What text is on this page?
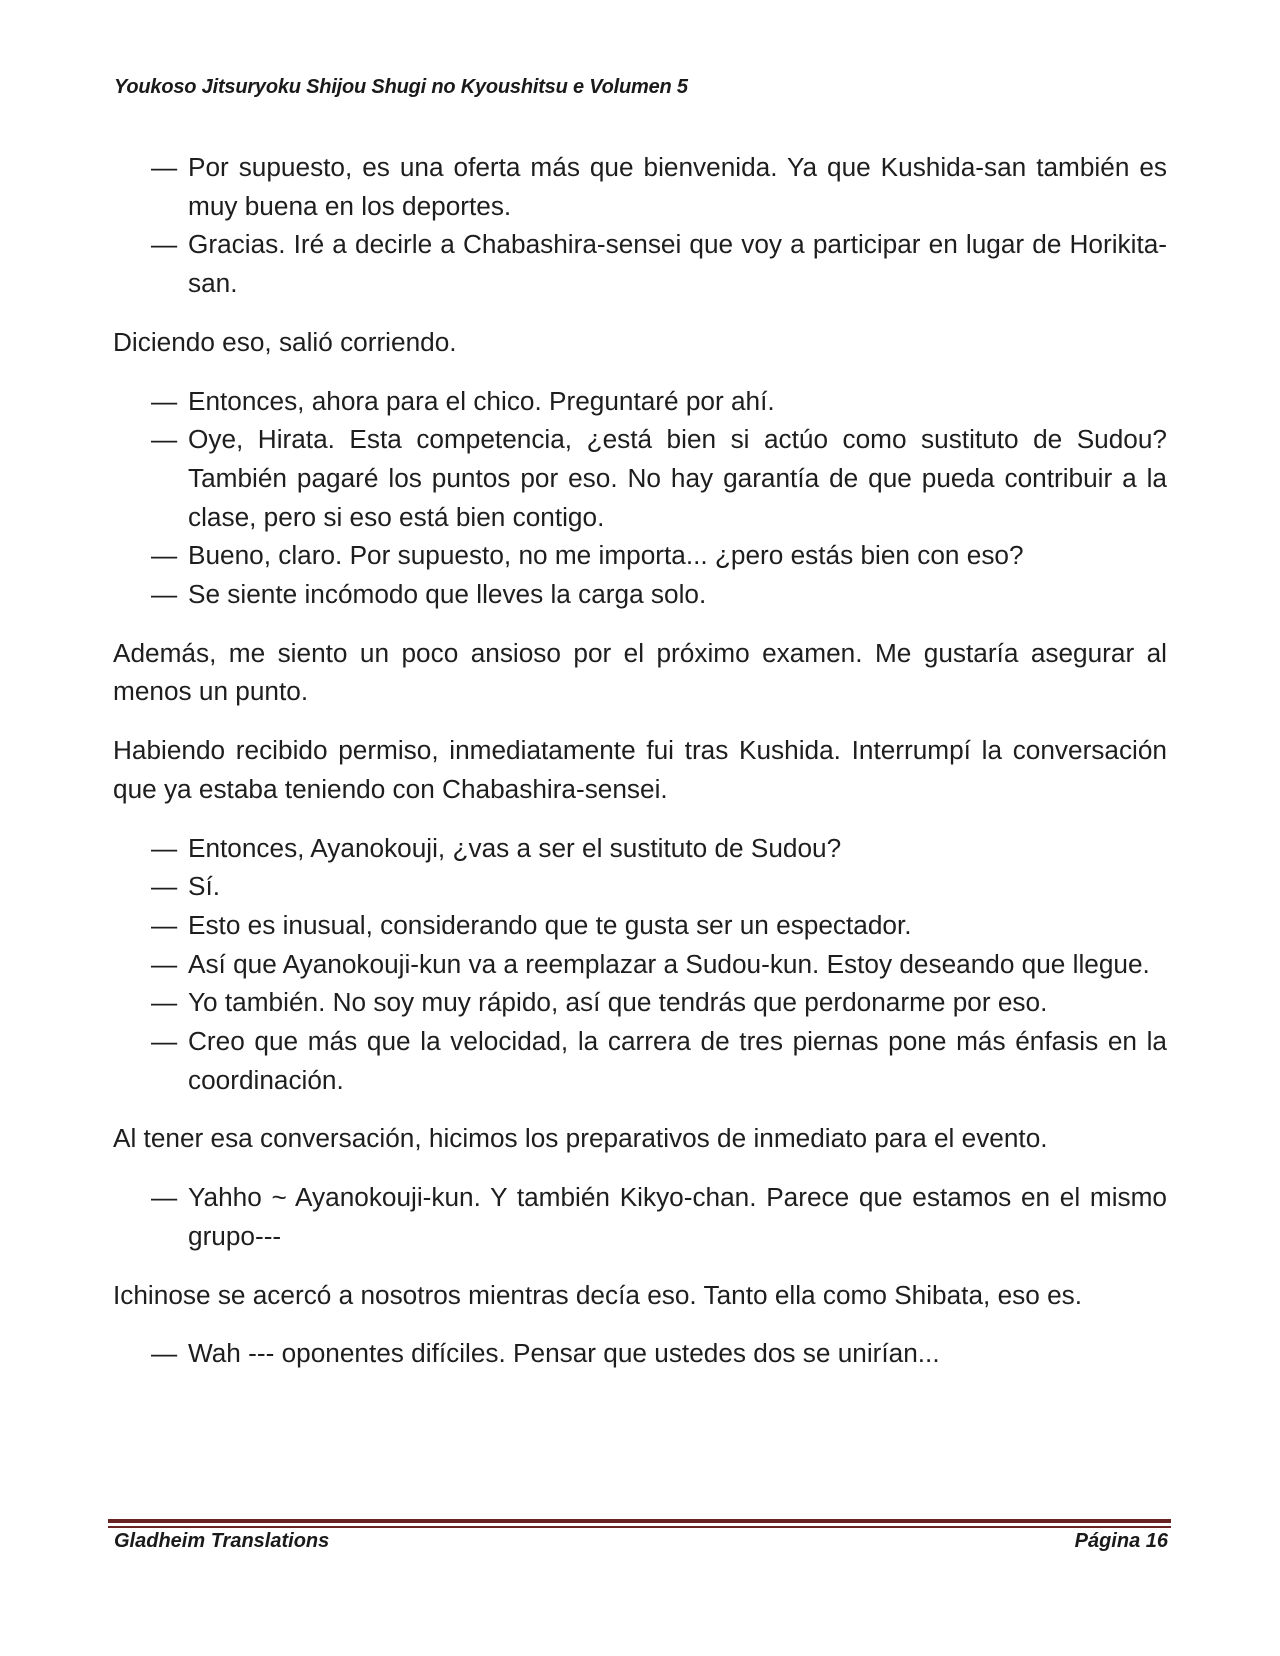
Youkoso Jitsuryoku Shijou Shugi no Kyoushitsu e Volumen 5

— Por supuesto, es una oferta más que bienvenida. Ya que Kushida-san también es muy buena en los deportes.

— Gracias. Iré a decirle a Chabashira-sensei que voy a participar en lugar de Horikita-san.

Diciendo eso, salió corriendo.

— Entonces, ahora para el chico. Preguntaré por ahí.

— Oye, Hirata. Esta competencia, ¿está bien si actúo como sustituto de Sudou? También pagaré los puntos por eso. No hay garantía de que pueda contribuir a la clase, pero si eso está bien contigo.

— Bueno, claro. Por supuesto, no me importa... ¿pero estás bien con eso?

— Se siente incómodo que lleves la carga solo.

Además, me siento un poco ansioso por el próximo examen. Me gustaría asegurar al menos un punto.

Habiendo recibido permiso, inmediatamente fui tras Kushida. Interrumpí la conversación que ya estaba teniendo con Chabashira-sensei.

— Entonces, Ayanokouji, ¿vas a ser el sustituto de Sudou?

— Sí.

— Esto es inusual, considerando que te gusta ser un espectador.

— Así que Ayanokouji-kun va a reemplazar a Sudou-kun. Estoy deseando que llegue.

— Yo también. No soy muy rápido, así que tendrás que perdonarme por eso.

— Creo que más que la velocidad, la carrera de tres piernas pone más énfasis en la coordinación.

Al tener esa conversación, hicimos los preparativos de inmediato para el evento.

— Yahho ~ Ayanokouji-kun. Y también Kikyo-chan. Parece que estamos en el mismo grupo---

Ichinose se acercó a nosotros mientras decía eso. Tanto ella como Shibata, eso es.

— Wah --- oponentes difíciles. Pensar que ustedes dos se unirían...

Gladheim Translations	Página 16
